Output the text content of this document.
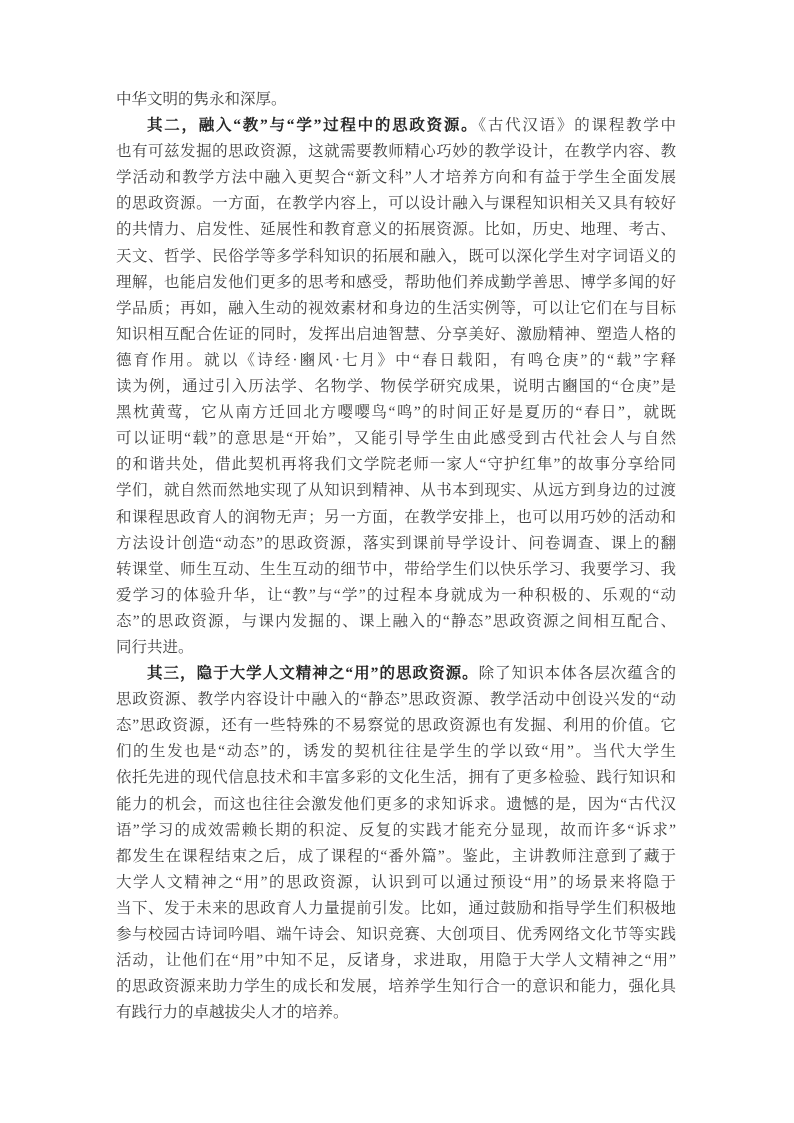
中华文明的隽永和深厚。
其二，融入“教”与“学”过程中的思政资源。《古代汉语》的课程教学中
也有可兹发掘的思政资源，这就需要教师精心巧妙的教学设计，在教学内容、教
学活动和教学方法中融入更契合“新文科”人才培养方向和有益于学生全面发展
的思政资源。一方面，在教学内容上，可以设计融入与课程知识相关又具有较好
的共情力、启发性、延展性和教育意义的拓展资源。比如，历史、地理、考古、
天文、哲学、民俗学等多学科知识的拓展和融入，既可以深化学生对字词语义的
理解，也能启发他们更多的思考和感受，帮助他们养成勤学善思、博学多闻的好
学品质；再如，融入生动的视效素材和身边的生活实例等，可以让它们在与目标
知识相互配合佐证的同时，发挥出启迪智慧、分享美好、激励精神、塑造人格的
德育作用。就以《诗经·豳风·七月》中“春日载阳，有鸣仓庚”的“载”字释
读为例，通过引入历法学、名物学、物侯学研究成果，说明古豳国的“仓庚”是
黑枕黄莺，它从南方迁回北方嘤嘤鸟“鸣”的时间正好是夏历的“春日”，就既
可以证明“载”的意思是“开始”，又能引导学生由此感受到古代社会人与自然
的和谐共处，借此契机再将我们文学院老师一家人“守护红隼”的故事分享给同
学们，就自然而然地实现了从知识到精神、从书本到现实、从远方到身边的过渡
和课程思政育人的润物无声；另一方面，在教学安排上，也可以用巧妙的活动和
方法设计创造“动态”的思政资源，落实到课前导学设计、问卷调查、课上的翻
转课堂、师生互动、生生互动的细节中，带给学生们以快乐学习、我要学习、我
爱学习的体验升华，让“教”与“学”的过程本身就成为一种积极的、乐观的“动
态”的思政资源，与课内发掘的、课上融入的“静态”思政资源之间相互配合、
同行共进。
其三，隐于大学人文精神之“用”的思政资源。除了知识本体各层次蕴含的
思政资源、教学内容设计中融入的“静态”思政资源、教学活动中创设兴发的“动
态”思政资源，还有一些特殊的不易察觉的思政资源也有发掘、利用的价值。它
们的生发也是“动态”的，诱发的契机往往是学生的学以致“用”。当代大学生
依托先进的现代信息技术和丰富多彩的文化生活，拥有了更多检验、践行知识和
能力的机会，而这也往往会激发他们更多的求知诉求。遗憾的是，因为“古代汉
语”学习的成效需赖长期的积淀、反复的实践才能充分显现，故而许多“诉求”
都发生在课程结束之后，成了课程的“番外篇”。鉴此，主讲教师注意到了藏于
大学人文精神之“用”的思政资源，认识到可以通过预设“用”的场景来将隐于
当下、发于未来的思政育人力量提前引发。比如，通过鼓励和指导学生们积极地
参与校园古诗词吟唱、端午诗会、知识竞赛、大创项目、优秀网络文化节等实践
活动，让他们在“用”中知不足，反诸身，求进取，用隐于大学人文精神之“用”
的思政资源来助力学生的成长和发展，培养学生知行合一的意识和能力，强化具
有践行力的卓越拔尖人才的培养。
